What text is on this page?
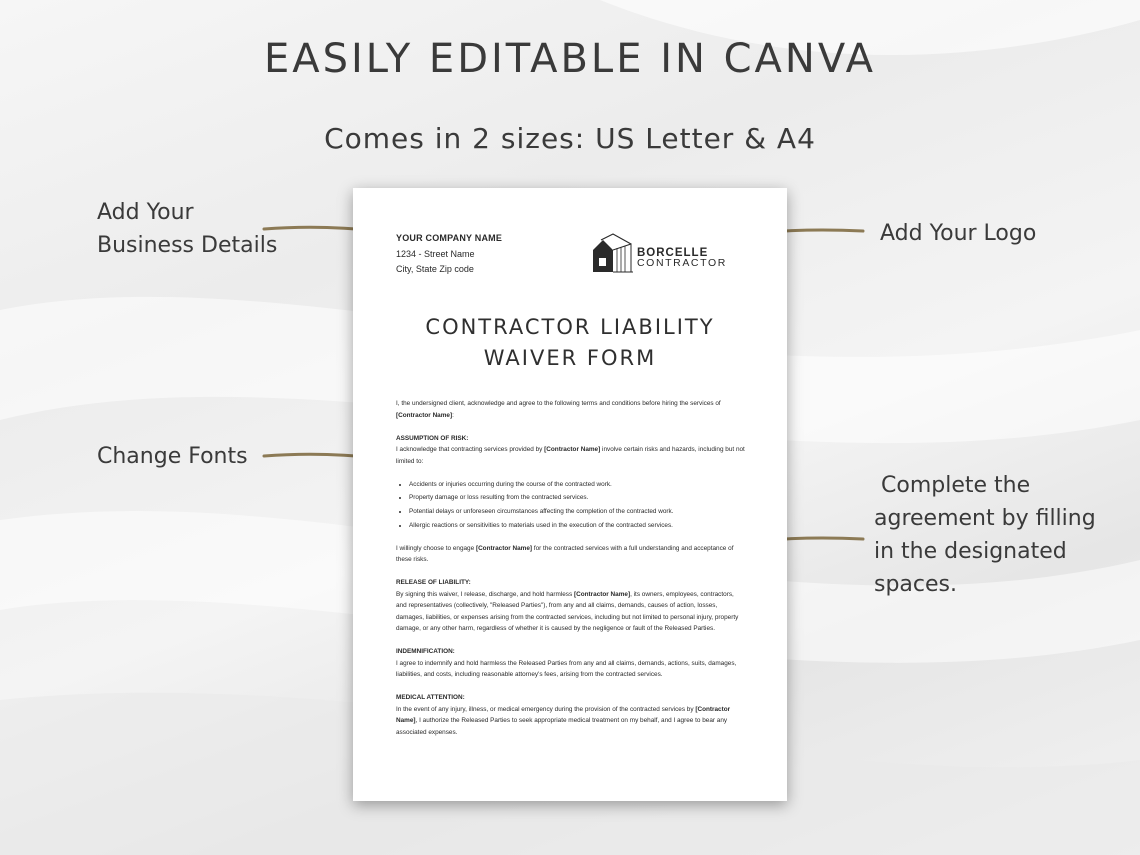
EASILY EDITABLE IN CANVA
Comes in 2 sizes: US Letter & A4
Add Your
Business Details	Add Your Logo
Change Fonts
Complete the
agreement by filling
in the designated
spaces.
YOUR COMPANY NAME
1234 - Street Name
City, State Zip code
BORCELLE
CONTRACTOR
CONTRACTOR LIABILITY
WAIVER FORM

I, the undersigned client, acknowledge and agree to the following terms and conditions before hiring the services of [Contractor Name]:

ASSUMPTION OF RISK:
I acknowledge that contracting services provided by [Contractor Name] involve certain risks and hazards, including but not limited to:

• Accidents or injuries occurring during the course of the contracted work.
• Property damage or loss resulting from the contracted services.
• Potential delays or unforeseen circumstances affecting the completion of the contracted work.
• Allergic reactions or sensitivities to materials used in the execution of the contracted services.

I willingly choose to engage [Contractor Name] for the contracted services with a full understanding and acceptance of these risks.

RELEASE OF LIABILITY:
By signing this waiver, I release, discharge, and hold harmless [Contractor Name], its owners, employees, contractors, and representatives (collectively, "Released Parties"), from any and all claims, demands, causes of action, losses, damages, liabilities, or expenses arising from the contracted services, including but not limited to personal injury, property damage, or any other harm, regardless of whether it is caused by the negligence or fault of the Released Parties.

INDEMNIFICATION:
I agree to indemnify and hold harmless the Released Parties from any and all claims, demands, actions, suits, damages, liabilities, and costs, including reasonable attorney's fees, arising from the contracted services.

MEDICAL ATTENTION:
In the event of any injury, illness, or medical emergency during the provision of the contracted services by [Contractor Name], I authorize the Released Parties to seek appropriate medical treatment on my behalf, and I agree to bear any associated expenses.
